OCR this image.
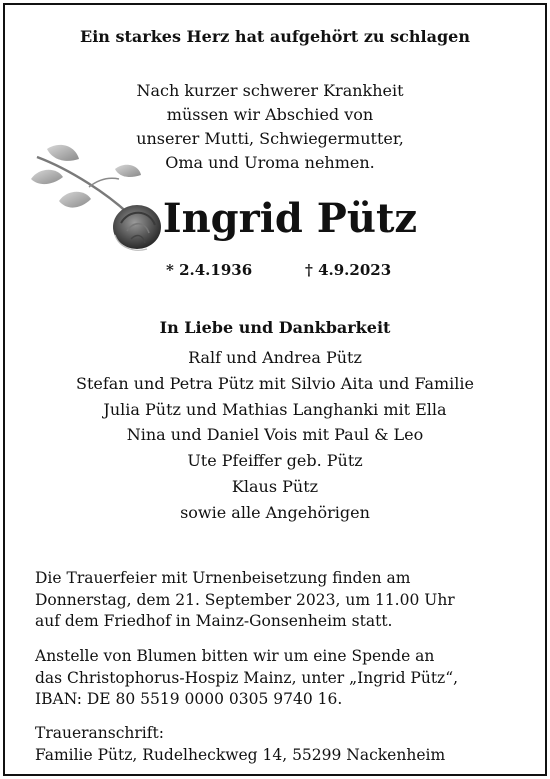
Ein starkes Herz hat aufgehört zu schlagen
Nach kurzer schwerer Krankheit
müssen wir Abschied von
unserer Mutti, Schwiegermutter,
Oma und Uroma nehmen.
Ingrid Pütz
* 2.4.1936	† 4.9.2023
In Liebe und Dankbarkeit
Ralf und Andrea Pütz
Stefan und Petra Pütz mit Silvio Aita und Familie
Julia Pütz und Mathias Langhanki mit Ella
Nina und Daniel Vois mit Paul & Leo
Ute Pfeiffer geb. Pütz
Klaus Pütz
sowie alle Angehörigen
Die Trauerfeier mit Urnenbeisetzung finden am
Donnerstag, dem 21. September 2023, um 11.00 Uhr
auf dem Friedhof in Mainz-Gonsenheim statt.
Anstelle von Blumen bitten wir um eine Spende an
das Christophorus-Hospiz Mainz, unter „Ingrid Pütz“,
IBAN: DE 80 5519 0000 0305 9740 16.
Traueranschrift:
Familie Pütz, Rudelheckweg 14, 55299 Nackenheim
